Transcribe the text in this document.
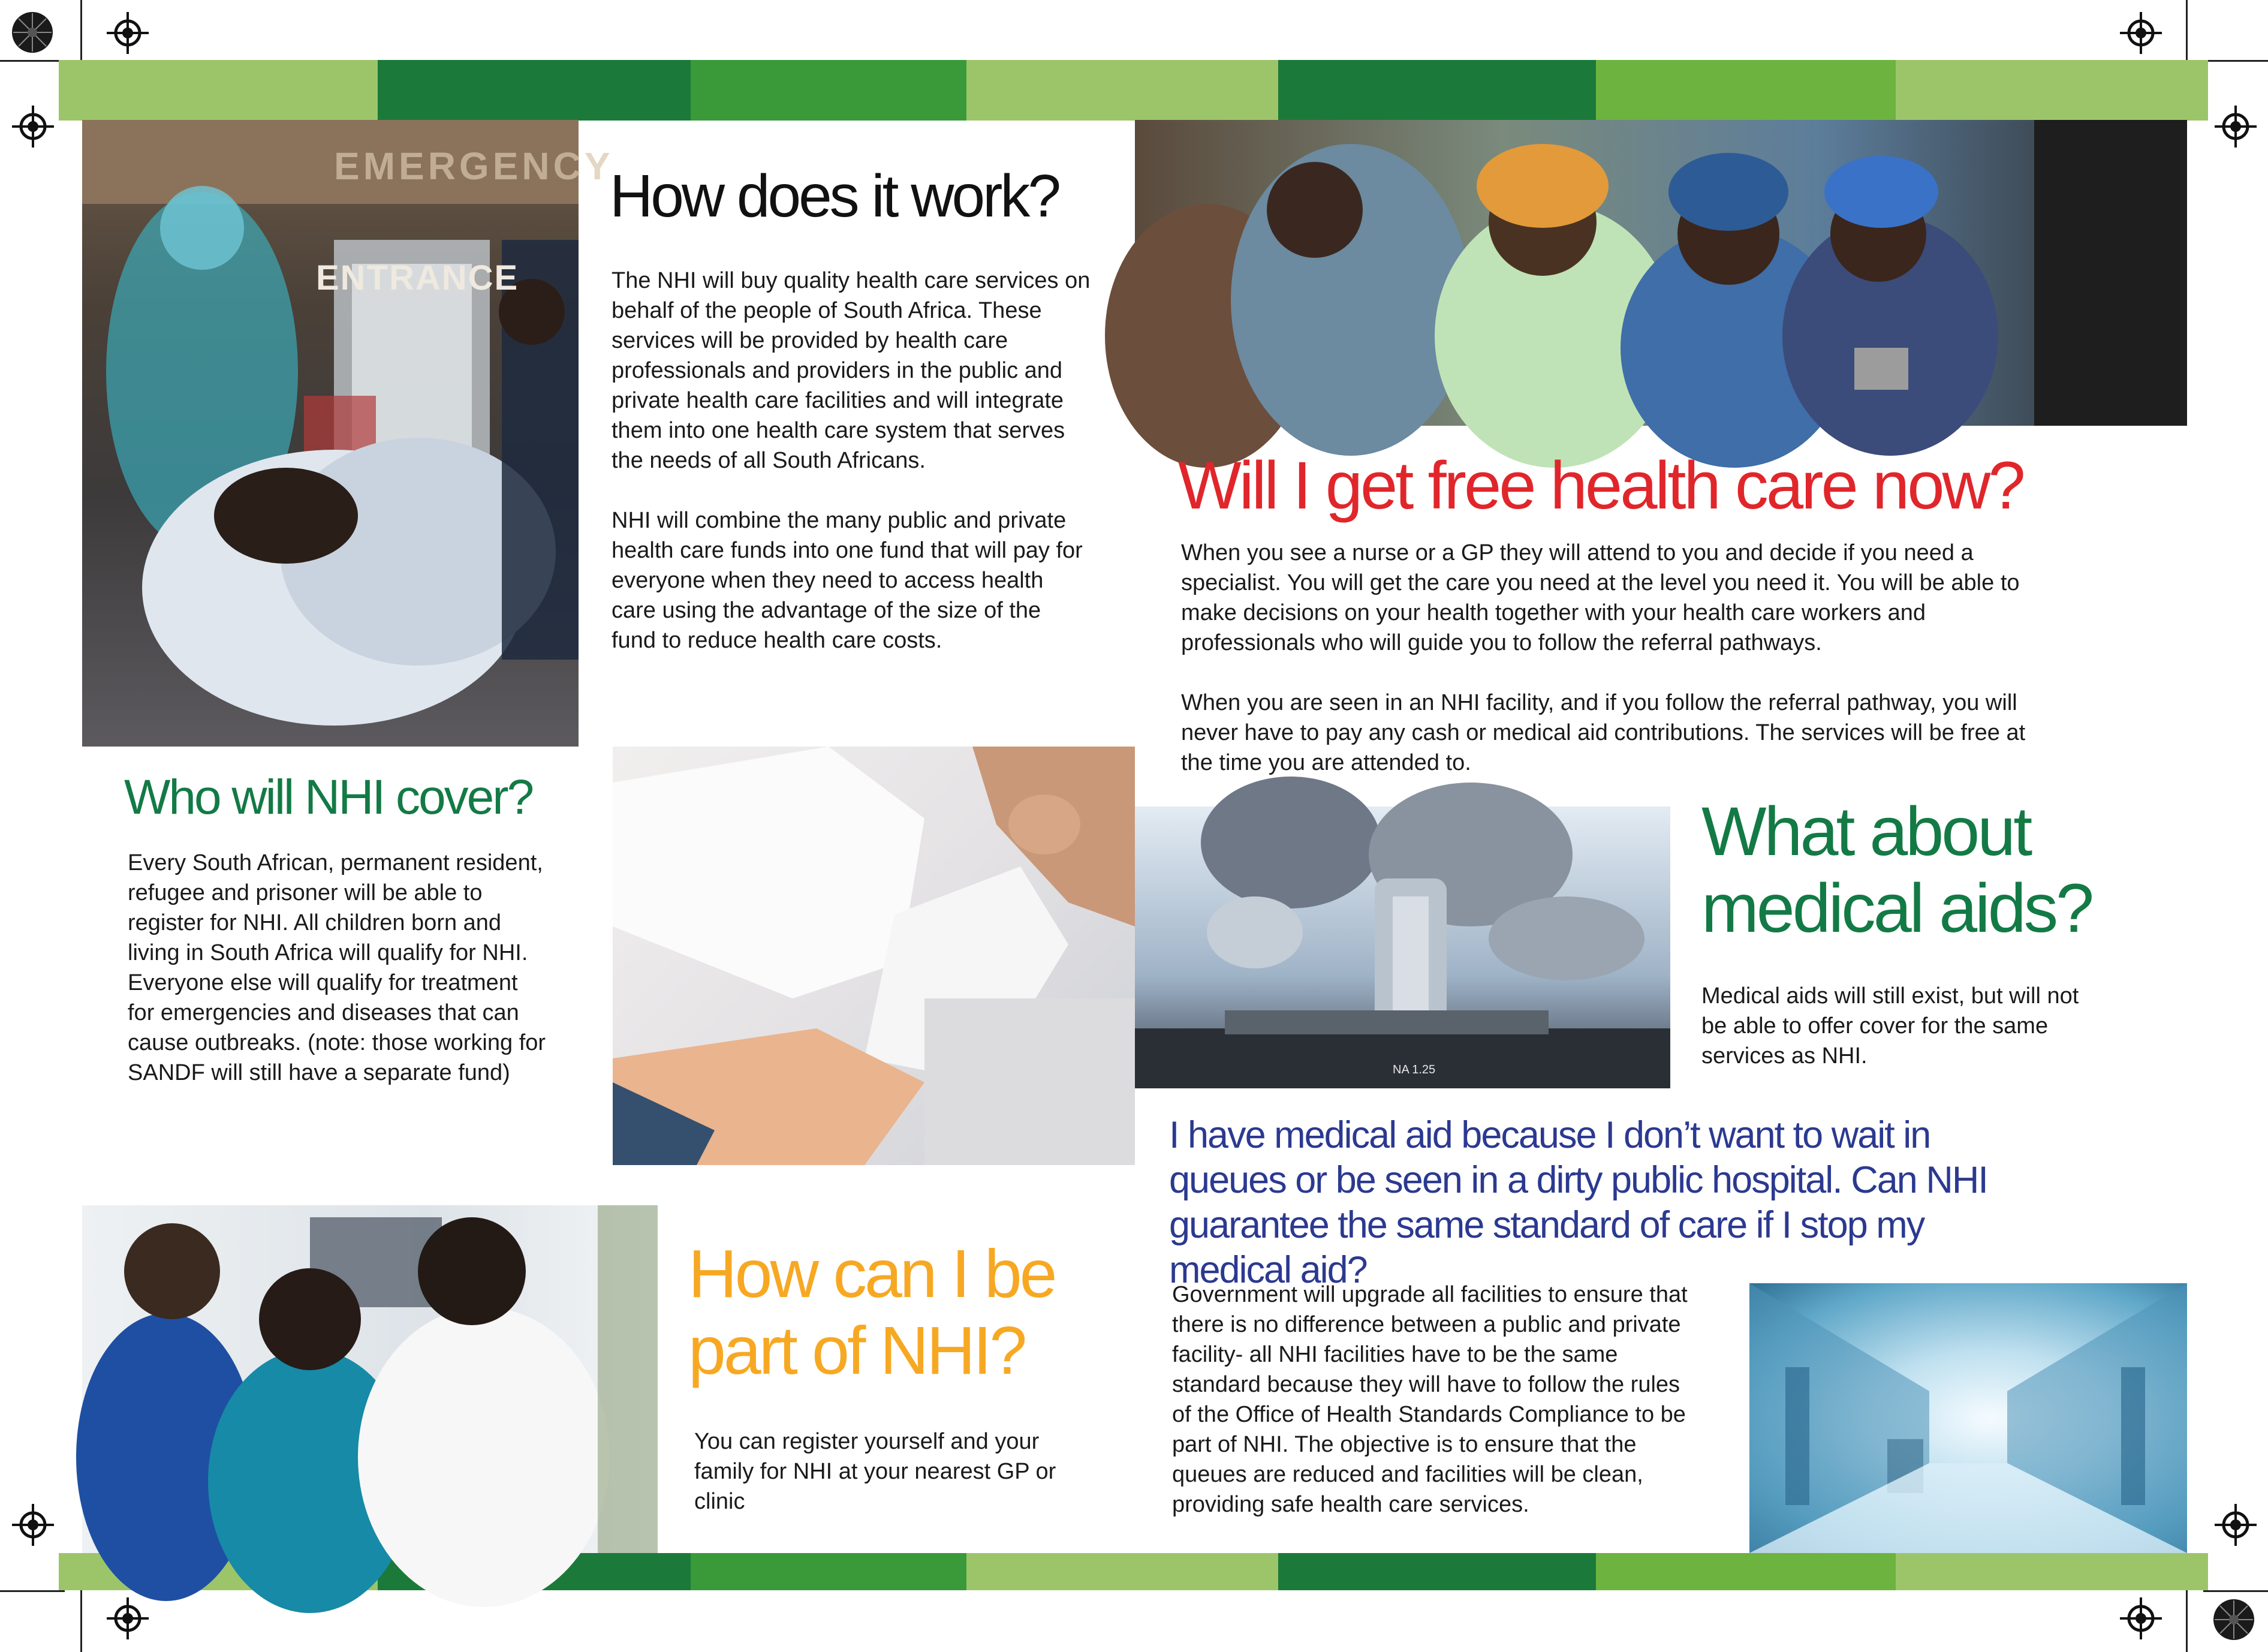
EMERGENCY
ENTRANCE
How does it work?

The NHI will buy quality health care services on behalf of the people of South Africa. These services will be provided by health care professionals and providers in the public and private health care facilities and will integrate them into one health care system that serves the needs of all South Africans.

NHI will combine the many public and private health care funds into one fund that will pay for everyone when they need to access health care using the advantage of the size of the fund to reduce health care costs.

Will I get free health care now?

When you see a nurse or a GP they will attend to you and decide if you need a specialist. You will get the care you need at the level you need it. You will be able to make decisions on your health together with your health care workers and professionals who will guide you to follow the referral pathways.

When you are seen in an NHI facility, and if you follow the referral pathway, you will never have to pay any cash or medical aid contributions. The services will be free at the time you are attended to.

Who will NHI cover?

Every South African, permanent resident, refugee and prisoner will be able to register for NHI. All children born and living in South Africa will qualify for NHI. Everyone else will qualify for treatment for emergencies and diseases that can cause outbreaks. (note: those working for SANDF will still have a separate fund)	NA 1.25
What about
medical aids?

Medical aids will still exist, but will not be able to offer cover for the same services as NHI.

I have medical aid because I don’t want to wait in queues or be seen in a dirty public hospital. Can NHI guarantee the same standard of care if I stop my medical aid?

Government will upgrade all facilities to ensure that there is no difference between a public and private facility- all NHI facilities have to be the same standard because they will have to follow the rules of the Office of Health Standards Compliance to be part of NHI. The objective is to ensure that the queues are reduced and facilities will be clean, providing safe health care services.

How can I be
part of NHI?

You can register yourself and your family for NHI at your nearest GP or clinic
